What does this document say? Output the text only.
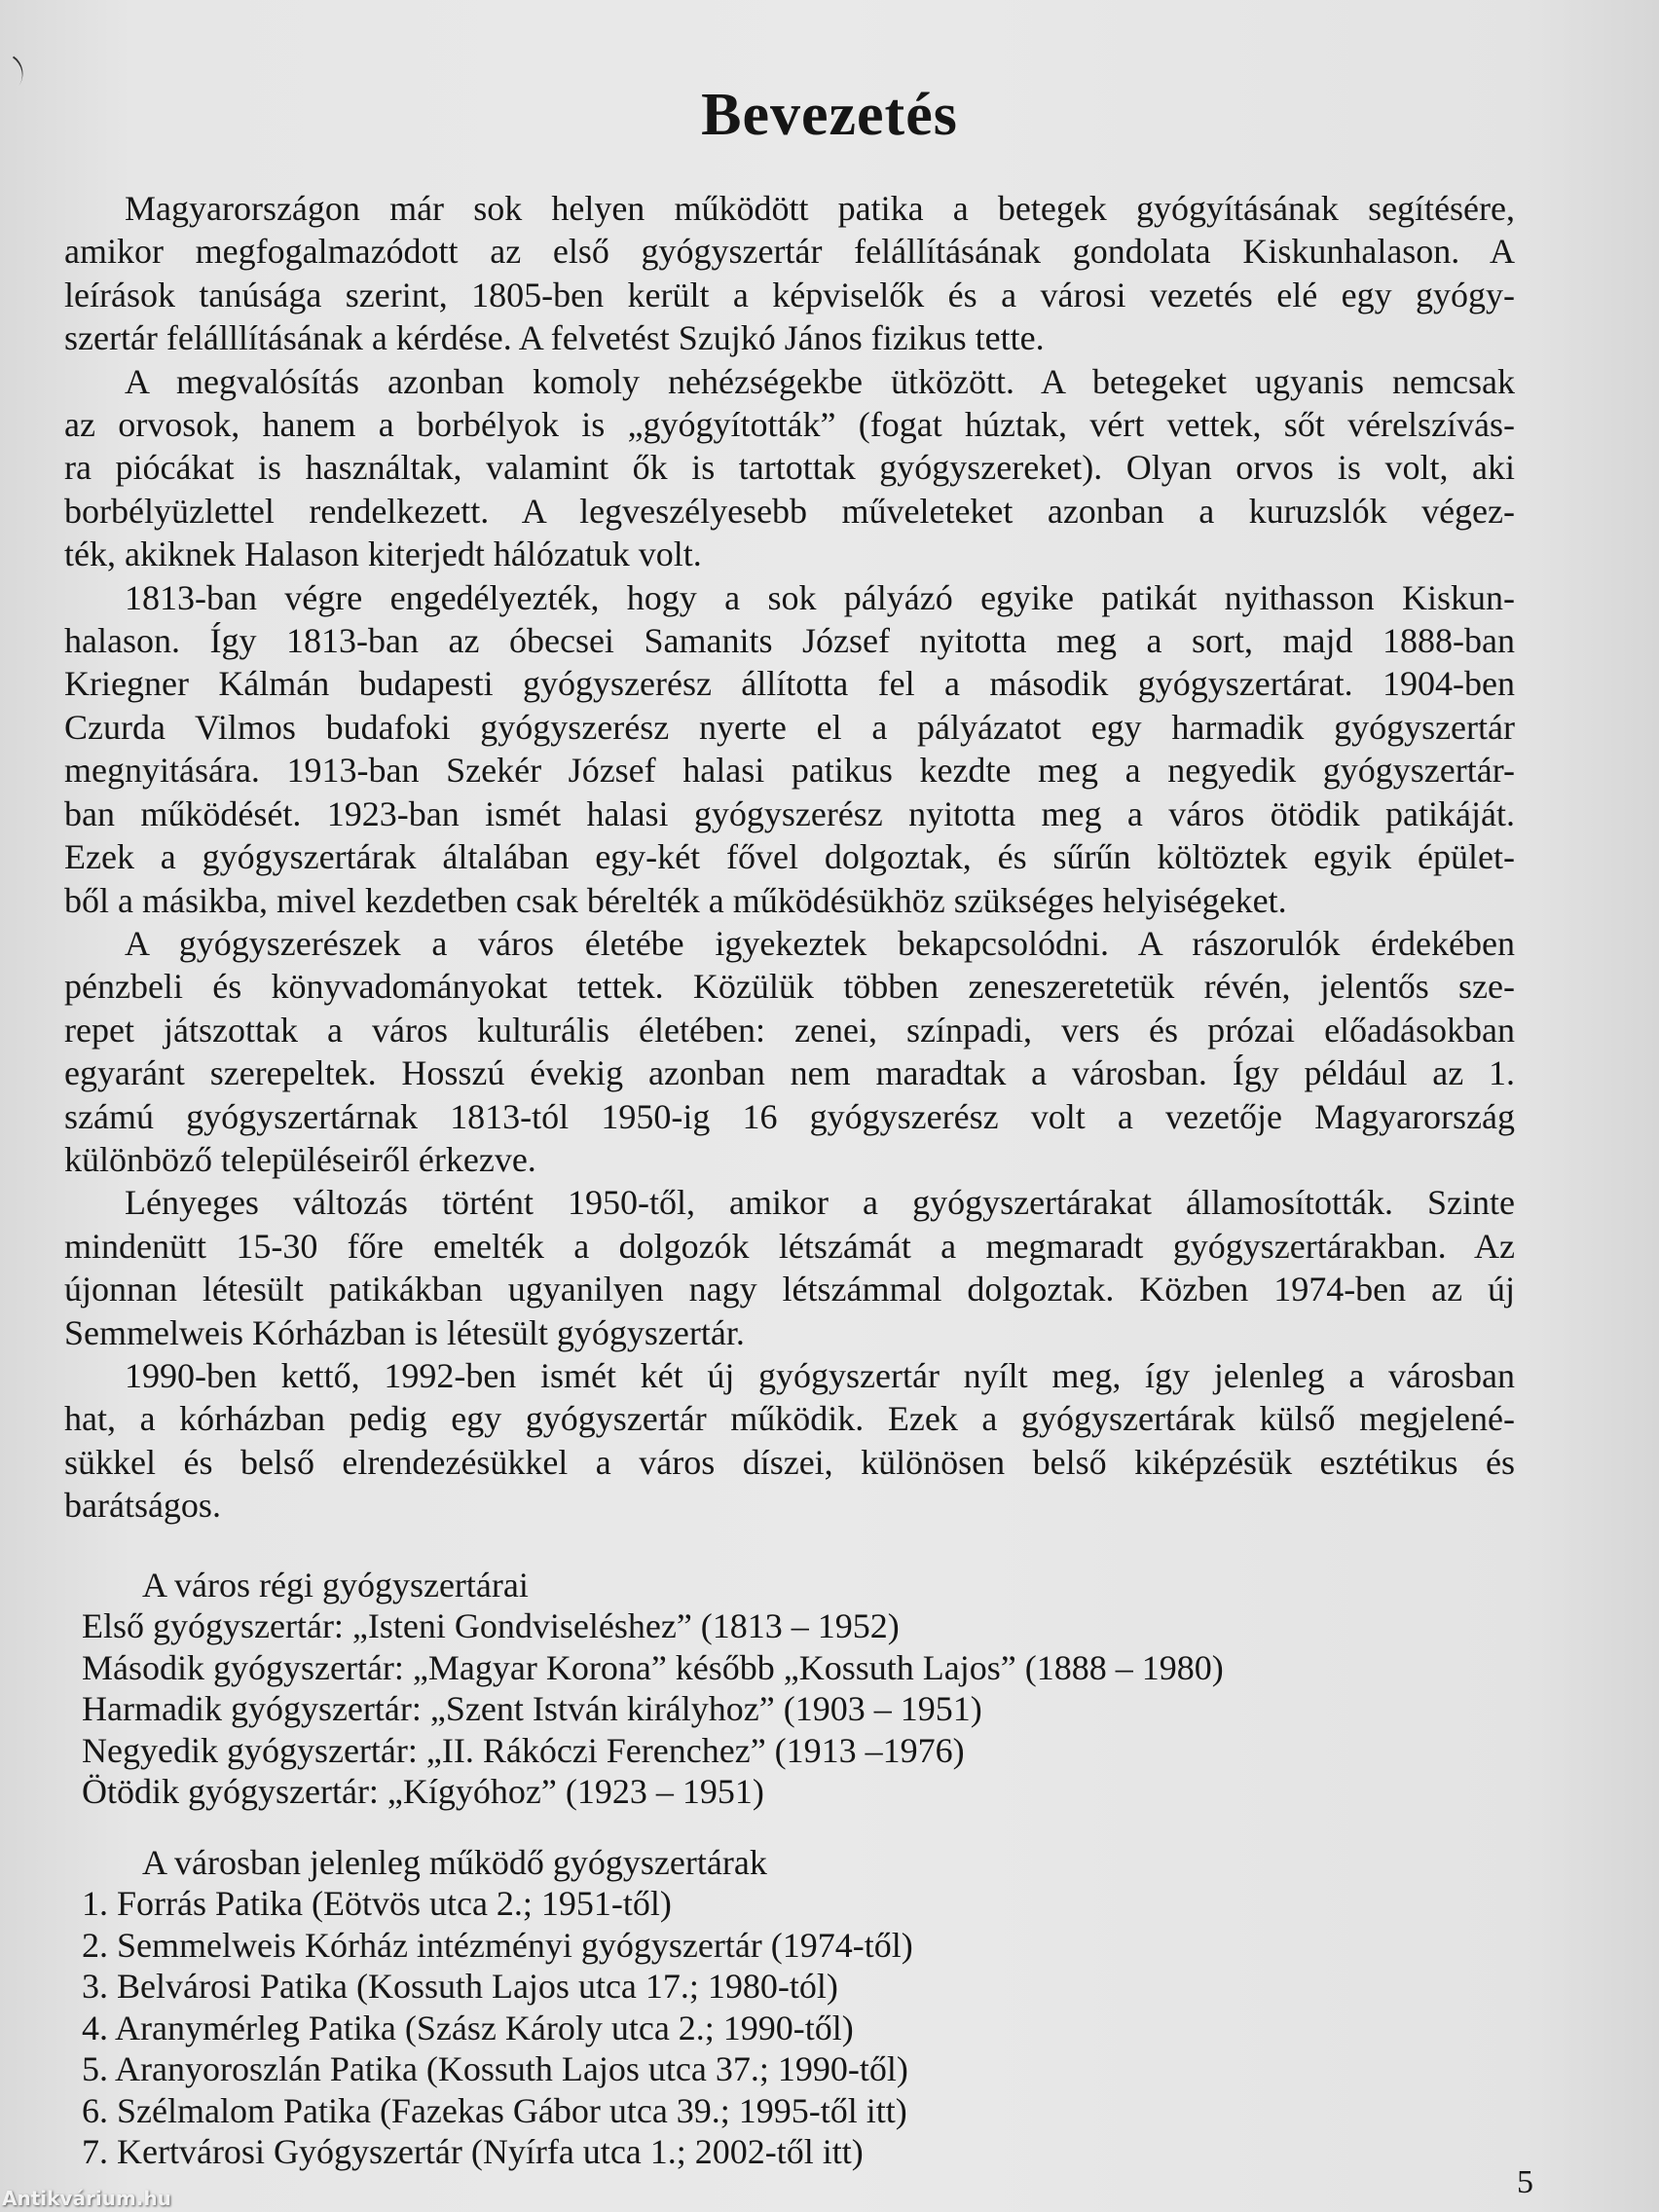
Bevezetés
Magyarországon már sok helyen működött patika a betegek gyógyításának segítésére,
amikor megfogalmazódott az első gyógyszertár felállításának gondolata Kiskunhalason. A
leírások tanúsága szerint, 1805-ben került a képviselők és a városi vezetés elé egy gyógy-
szertár felálllításának a kérdése. A felvetést Szujkó János fizikus tette.
A megvalósítás azonban komoly nehézségekbe ütközött. A betegeket ugyanis nemcsak
az orvosok, hanem a borbélyok is „gyógyították” (fogat húztak, vért vettek, sőt vérelszívás-
ra piócákat is használtak, valamint ők is tartottak gyógyszereket). Olyan orvos is volt, aki
borbélyüzlettel rendelkezett. A legveszélyesebb műveleteket azonban a kuruzslók végez-
ték, akiknek Halason kiterjedt hálózatuk volt.
1813-ban végre engedélyezték, hogy a sok pályázó egyike patikát nyithasson Kiskun-
halason. Így 1813-ban az óbecsei Samanits József nyitotta meg a sort, majd 1888-ban
Kriegner Kálmán budapesti gyógyszerész állította fel a második gyógyszertárat. 1904-ben
Czurda Vilmos budafoki gyógyszerész nyerte el a pályázatot egy harmadik gyógyszertár
megnyitására. 1913-ban Szekér József halasi patikus kezdte meg a negyedik gyógyszertár-
ban működését. 1923-ban ismét halasi gyógyszerész nyitotta meg a város ötödik patikáját.
Ezek a gyógyszertárak általában egy-két fővel dolgoztak, és sűrűn költöztek egyik épület-
ből a másikba, mivel kezdetben csak bérelték a működésükhöz szükséges helyiségeket.
A gyógyszerészek a város életébe igyekeztek bekapcsolódni. A rászorulók érdekében
pénzbeli és könyvadományokat tettek. Közülük többen zeneszeretetük révén, jelentős sze-
repet játszottak a város kulturális életében: zenei, színpadi, vers és prózai előadásokban
egyaránt szerepeltek. Hosszú évekig azonban nem maradtak a városban. Így például az 1.
számú gyógyszertárnak 1813-tól 1950-ig 16 gyógyszerész volt a vezetője Magyarország
különböző településeiről érkezve.
Lényeges változás történt 1950-től, amikor a gyógyszertárakat államosították. Szinte
mindenütt 15-30 főre emelték a dolgozók létszámát a megmaradt gyógyszertárakban. Az
újonnan létesült patikákban ugyanilyen nagy létszámmal dolgoztak. Közben 1974-ben az új
Semmelweis Kórházban is létesült gyógyszertár.
1990-ben kettő, 1992-ben ismét két új gyógyszertár nyílt meg, így jelenleg a városban
hat, a kórházban pedig egy gyógyszertár működik. Ezek a gyógyszertárak külső megjelené-
sükkel és belső elrendezésükkel a város díszei, különösen belső kiképzésük esztétikus és
barátságos.
A város régi gyógyszertárai
Első gyógyszertár: „Isteni Gondviseléshez” (1813 – 1952)
Második gyógyszertár: „Magyar Korona” később „Kossuth Lajos” (1888 – 1980)
Harmadik gyógyszertár: „Szent István királyhoz” (1903 – 1951)
Negyedik gyógyszertár: „II. Rákóczi Ferenchez” (1913 –1976)
Ötödik gyógyszertár: „Kígyóhoz” (1923 – 1951)
A városban jelenleg működő gyógyszertárak
1. Forrás Patika (Eötvös utca 2.; 1951-től)
2. Semmelweis Kórház intézményi gyógyszertár (1974-től)
3. Belvárosi Patika (Kossuth Lajos utca 17.; 1980-tól)
4. Aranymérleg Patika (Szász Károly utca 2.; 1990-től)
5. Aranyoroszlán Patika (Kossuth Lajos utca 37.; 1990-től)
6. Szélmalom Patika (Fazekas Gábor utca 39.; 1995-től itt)
7. Kertvárosi Gyógyszertár (Nyírfa utca 1.; 2002-től itt)
5
Antikvárium.hu
